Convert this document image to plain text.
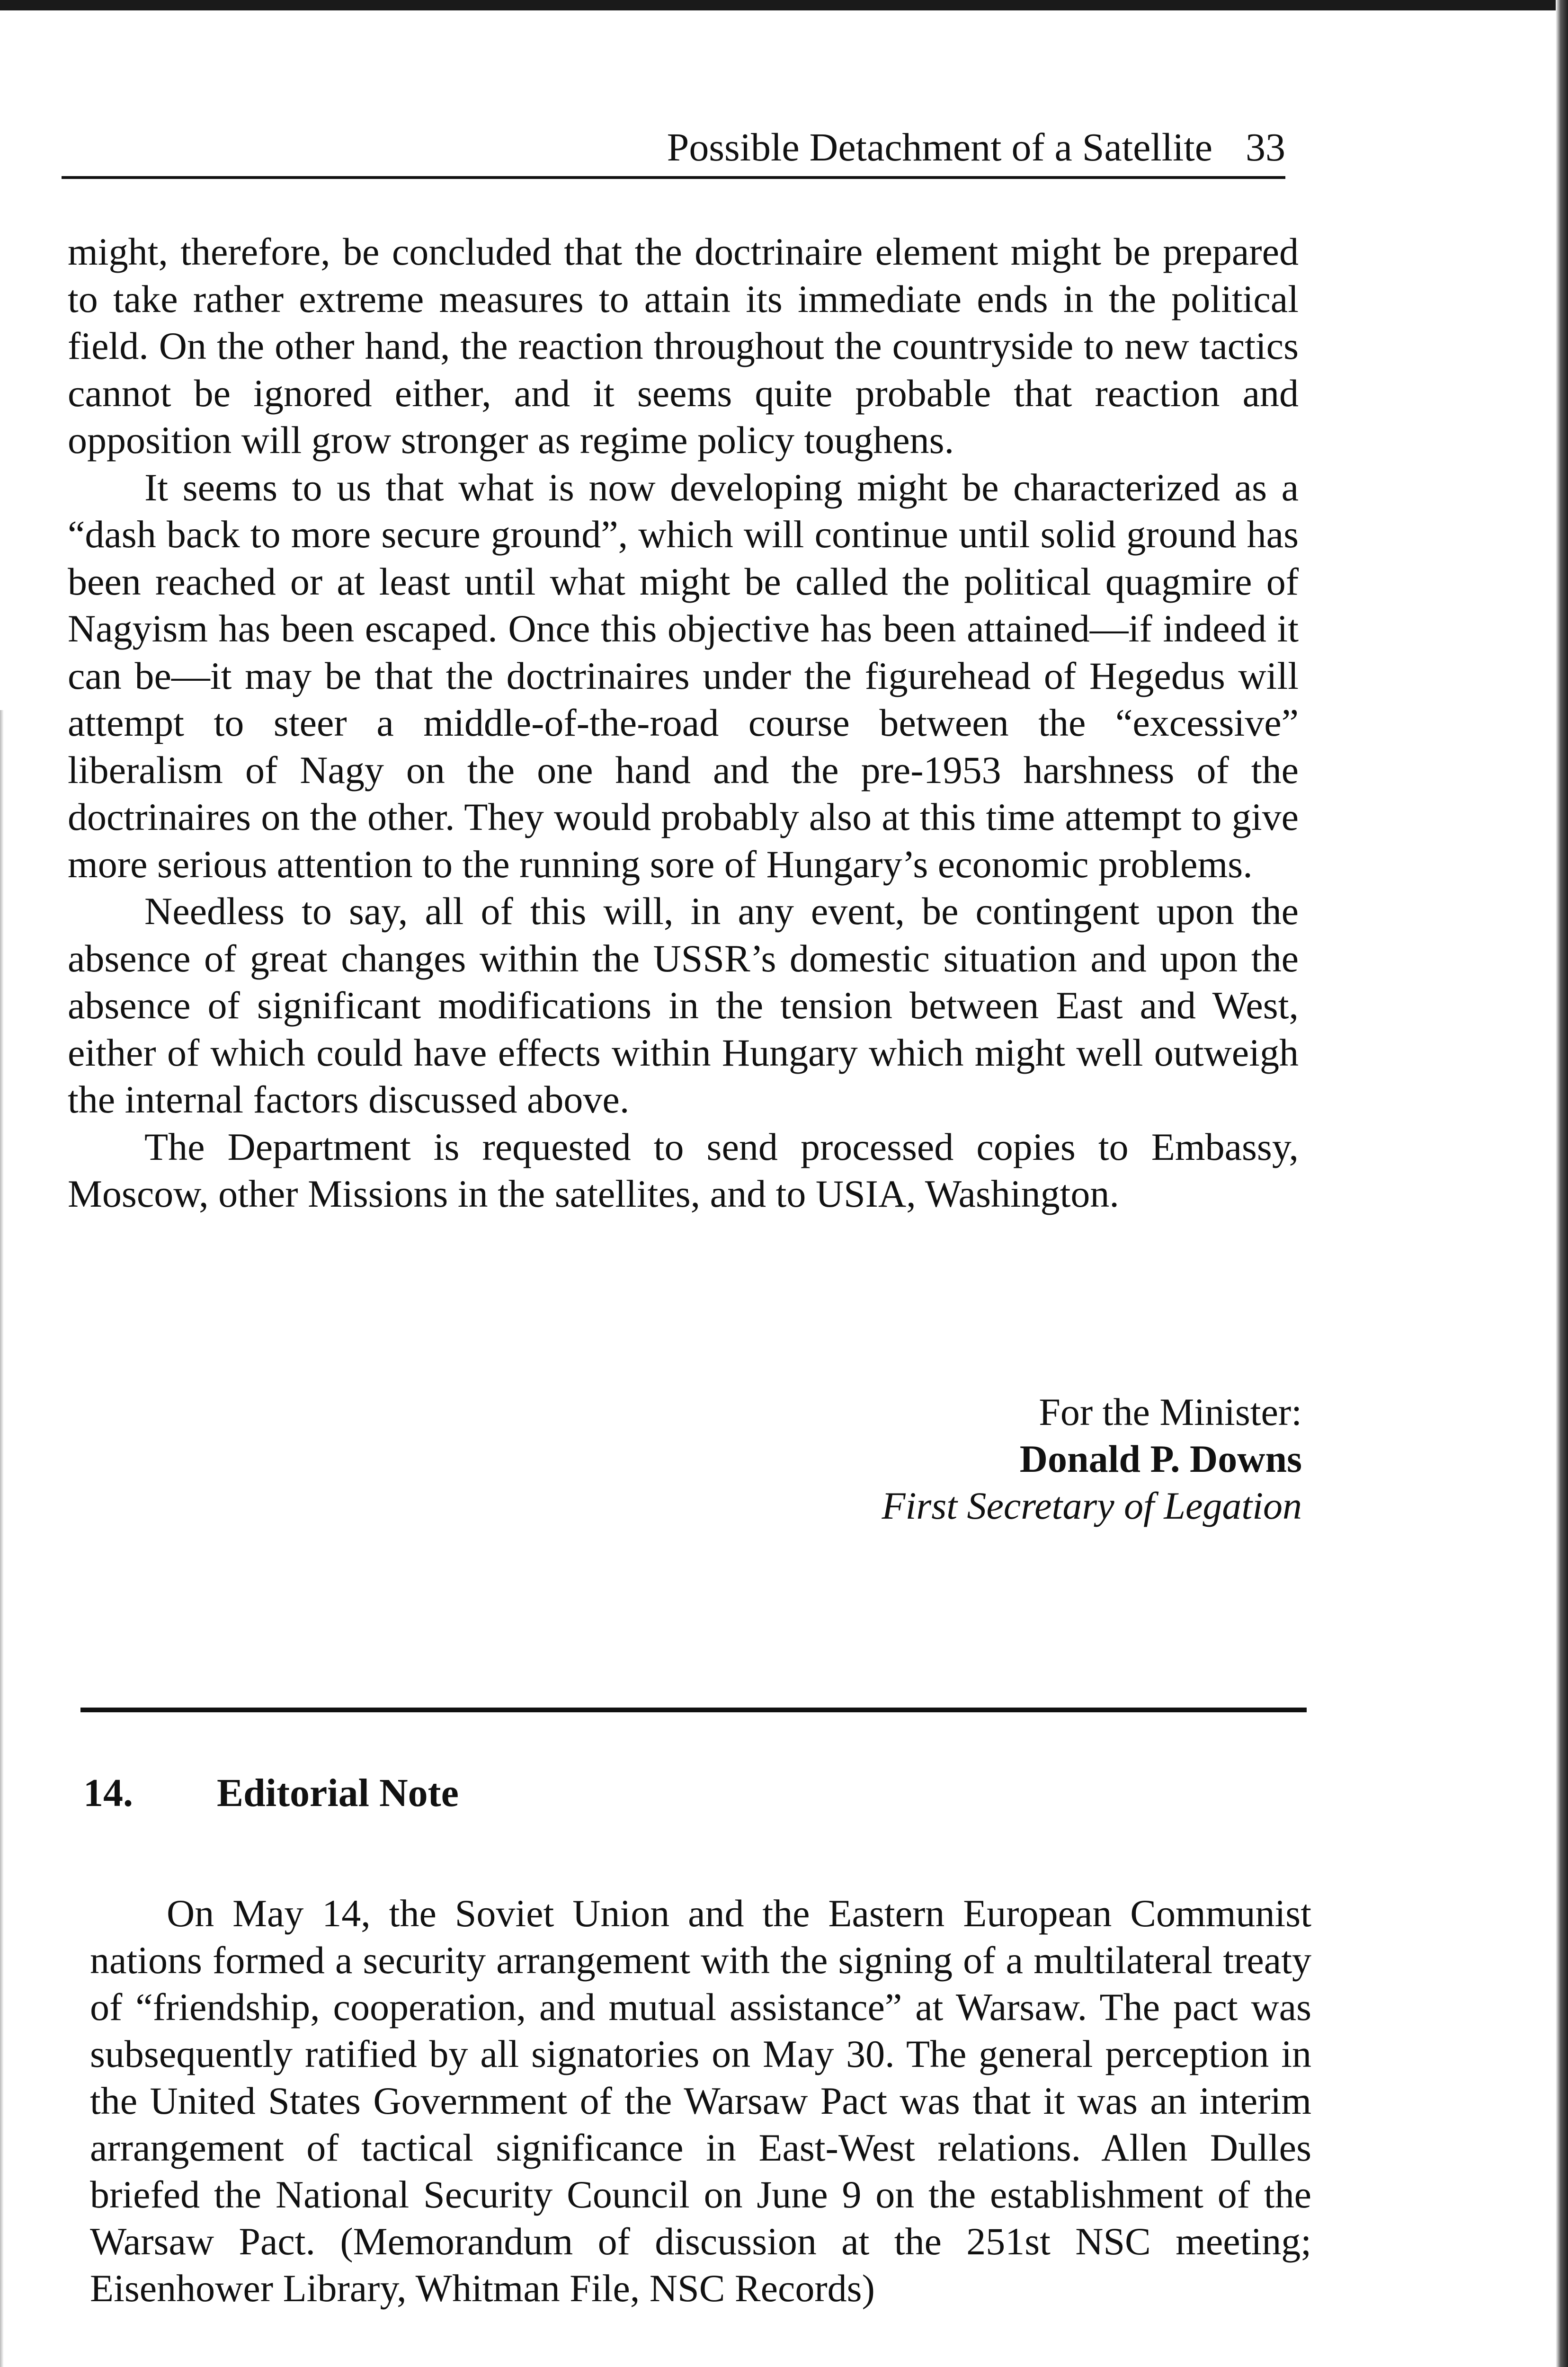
Possible Detachment of a Satellite 33

might, therefore, be concluded that the doctrinaire element might be prepared to take rather extreme measures to attain its immediate ends in the political field. On the other hand, the reaction throughout the countryside to new tactics cannot be ignored either, and it seems quite probable that reaction and opposition will grow stronger as regime policy toughens.

It seems to us that what is now developing might be characterized as a “dash back to more secure ground”, which will continue until solid ground has been reached or at least until what might be called the political quagmire of Nagyism has been escaped. Once this objective has been attained—if indeed it can be—it may be that the doctrinaires under the figurehead of Hegedus will attempt to steer a middle-of-the-road course between the “excessive” liberalism of Nagy on the one hand and the pre-1953 harshness of the doctrinaires on the other. They would probably also at this time attempt to give more serious attention to the running sore of Hungary’s economic problems.

Needless to say, all of this will, in any event, be contingent upon the absence of great changes within the USSR’s domestic situation and upon the absence of significant modifications in the tension between East and West, either of which could have effects within Hungary which might well outweigh the internal factors discussed above.

The Department is requested to send processed copies to Embassy, Moscow, other Missions in the satellites, and to USIA, Washington.

For the Minister:
Donald P. Downs
First Secretary of Legation
14. Editorial Note

On May 14, the Soviet Union and the Eastern European Communist nations formed a security arrangement with the signing of a multilateral treaty of “friendship, cooperation, and mutual assistance” at Warsaw. The pact was subsequently ratified by all signatories on May 30. The general perception in the United States Government of the Warsaw Pact was that it was an interim arrangement of tactical significance in East-West relations. Allen Dulles briefed the National Security Council on June 9 on the establishment of the Warsaw Pact. (Memorandum of discussion at the 251st NSC meeting; Eisenhower Library, Whitman File, NSC Records)
